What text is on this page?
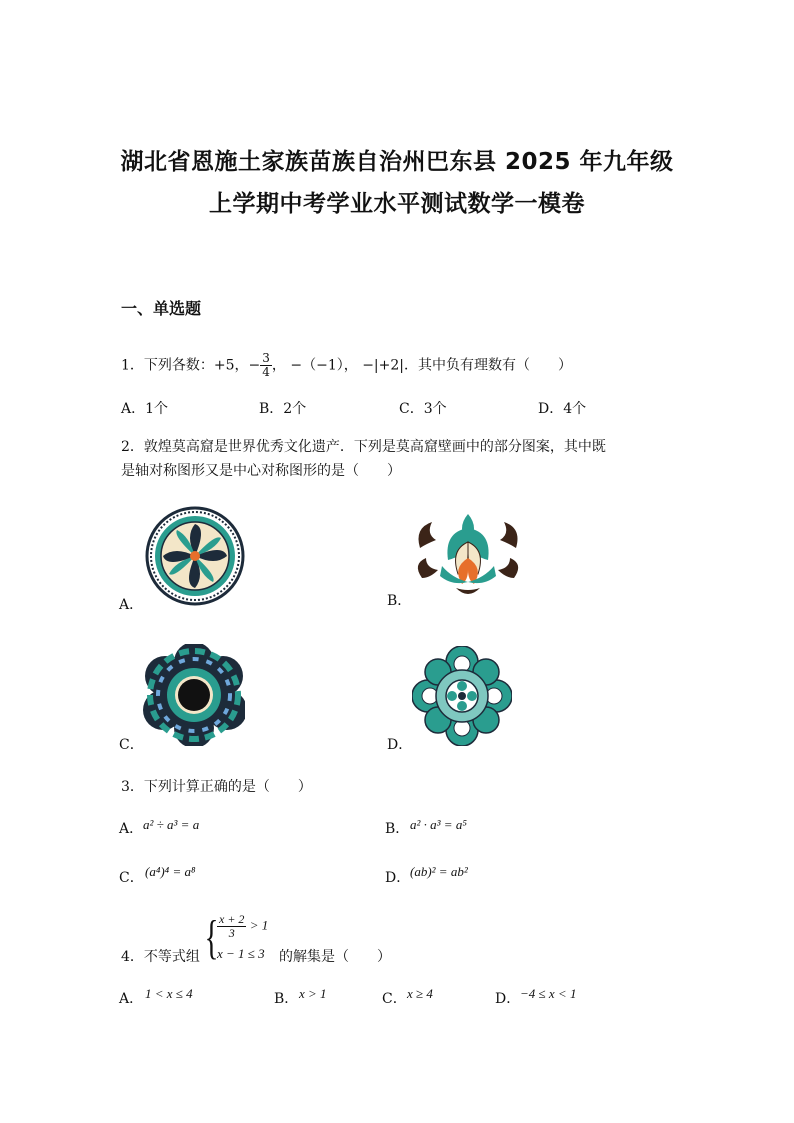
湖北省恩施土家族苗族自治州巴东县 2025 年九年级
上学期中考学业水平测试数学一模卷
一、单选题
1．下列各数：+5，− $\frac{3}{4}$ ， −（−1）， −|+2|．其中负有理数有（ ）
A．1个	B．2个	C．3个	D．4个
2．敦煌莫高窟是世界优秀文化遗产．下列是莫高窟壁画中的部分图案，其中既
是轴对称图形又是中心对称图形的是（　　）
A．	B．
C．	D．
3．下列计算正确的是（　　）
A． a² ÷ a³ = a	B． a² · a³ = a⁵
C． (a⁴)⁴ = a⁸	D． (ab)² = ab²
4．不等式组 {
$\frac{x + 2}{3} > 1$
x − 1 ≤ 3 的解集是（　　）
A． 1 < x ≤ 4	B． x > 1	C． x ≥ 4	D． −4 ≤ x < 1
